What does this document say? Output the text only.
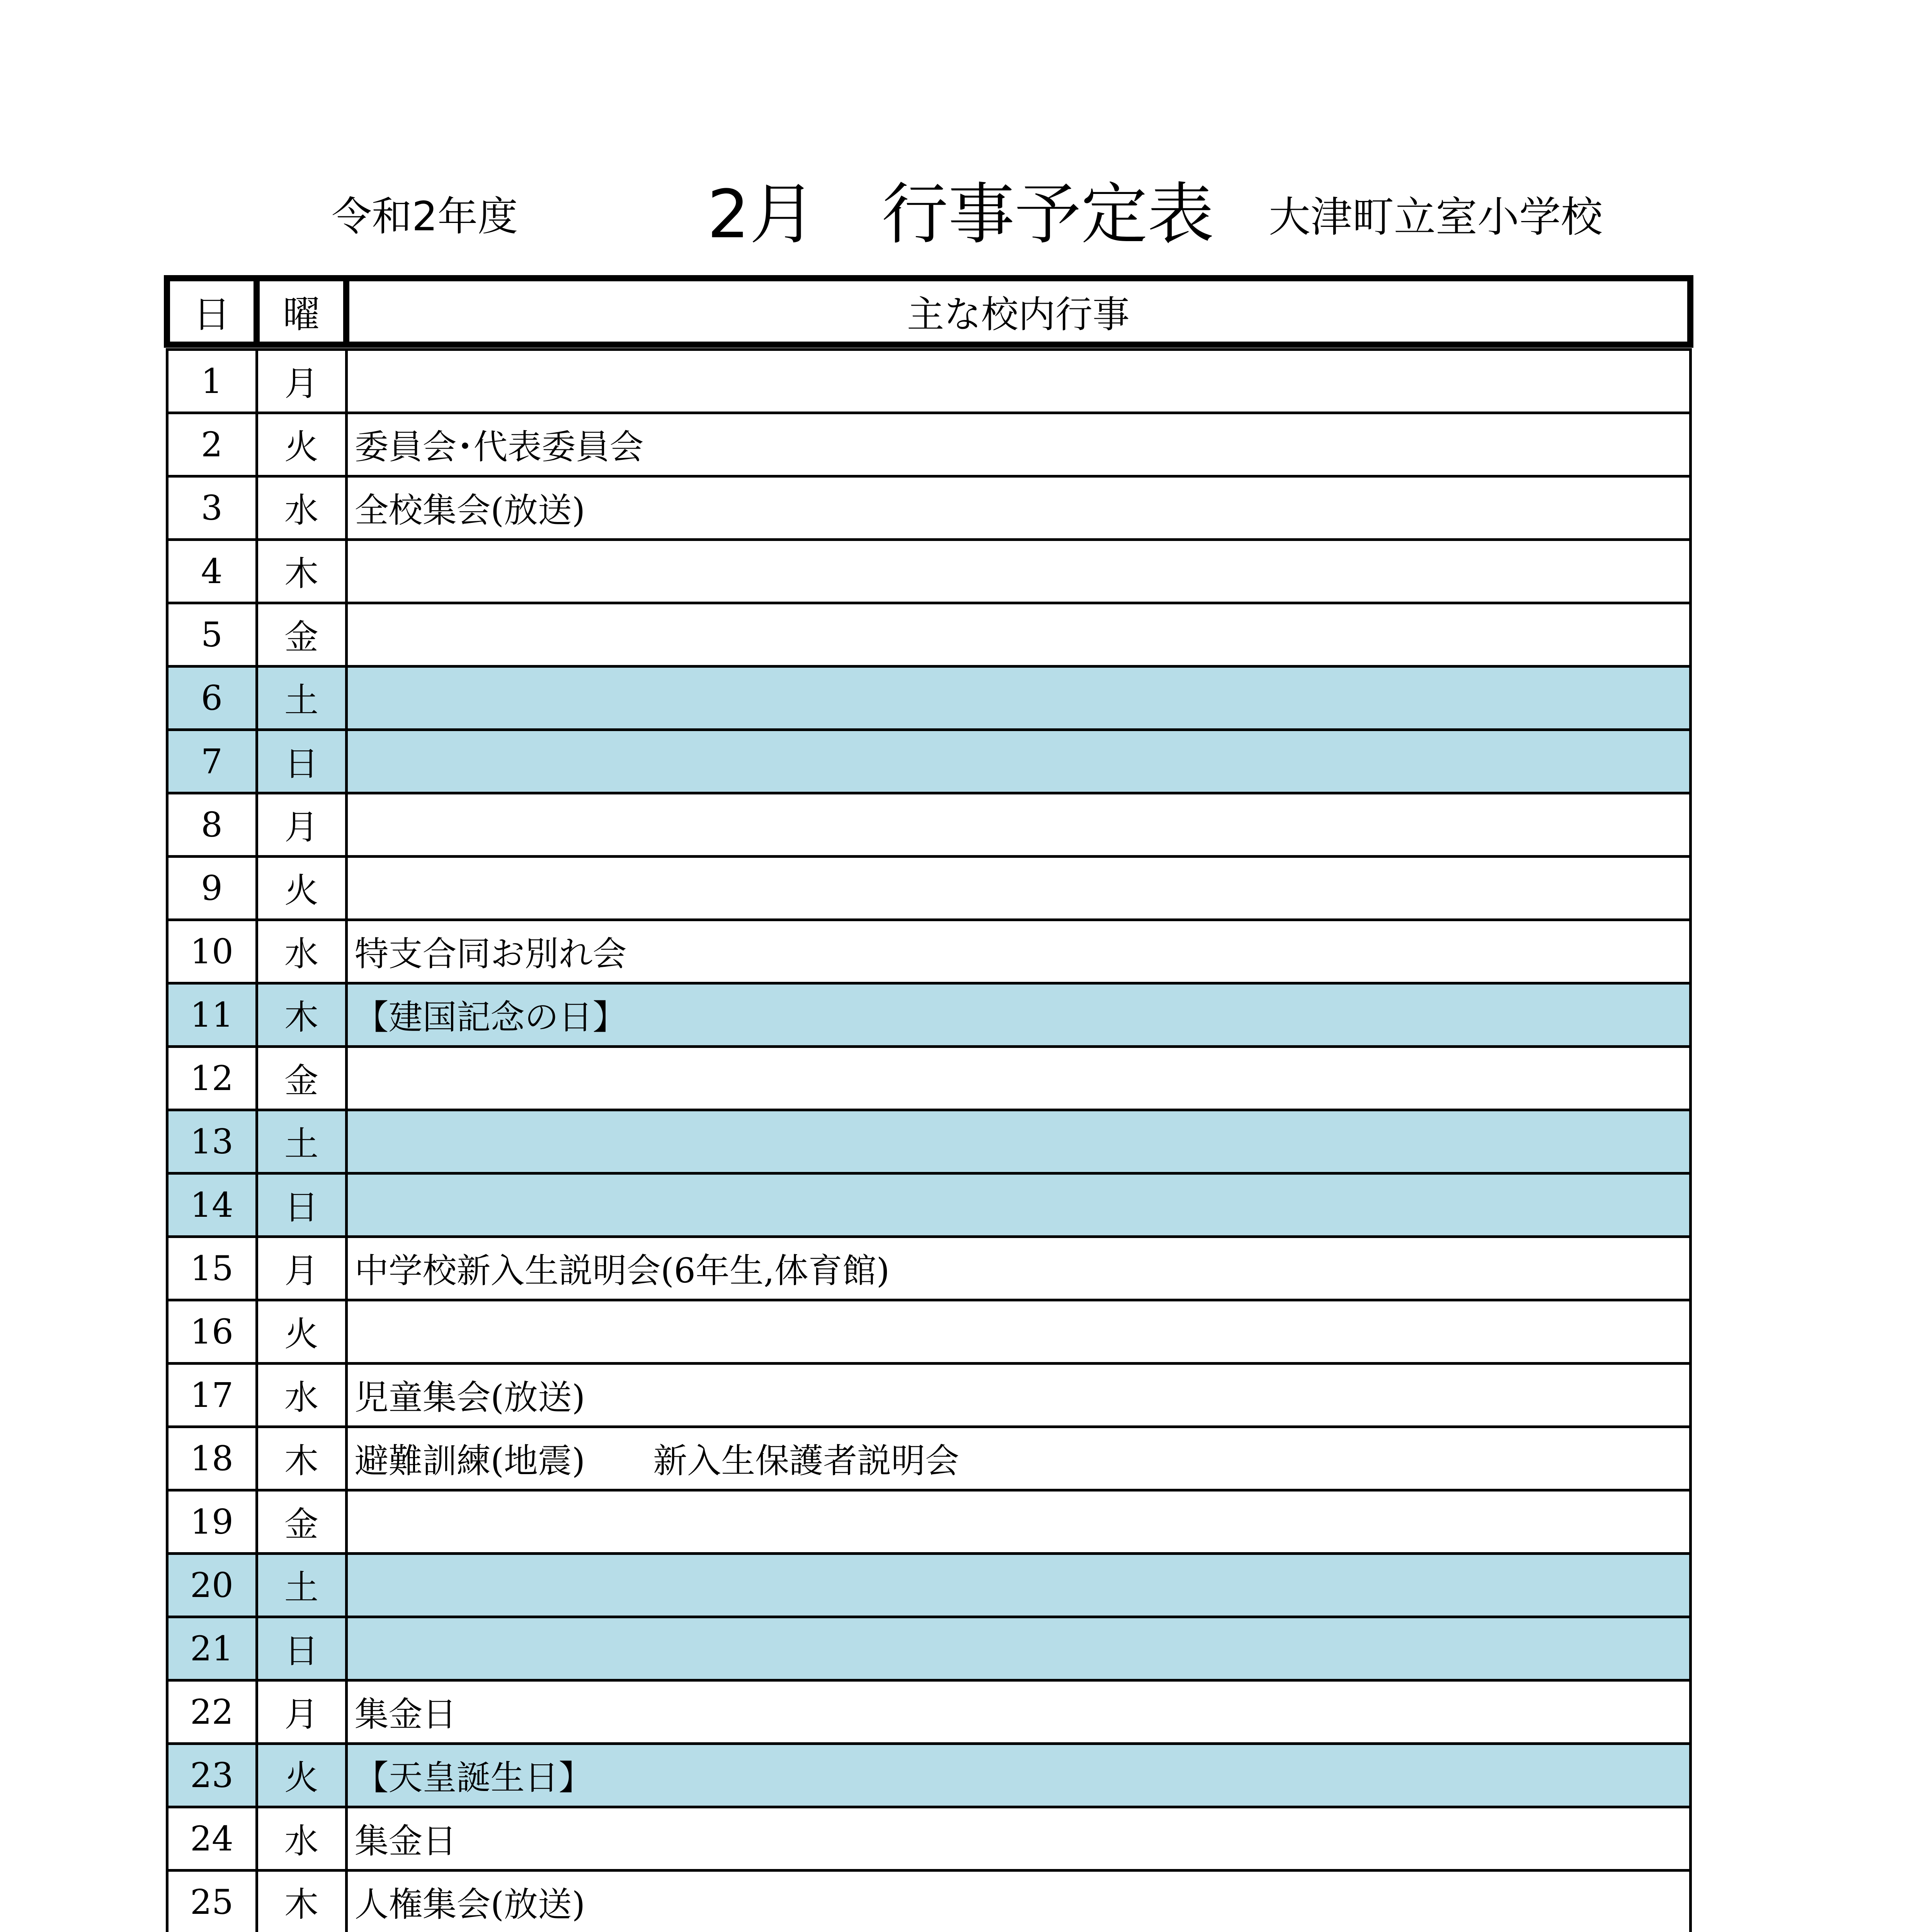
令和2年度	2月 行事予定表 大津町立室小学校
日	曜	主な校内行事

1	月	
2	火	委員会･代表委員会
3	水	全校集会(放送)
4	木	
5	金	
6	土	
7	日	
8	月	
9	火	
10	水	特支合同お別れ会
11	木	【建国記念の日】
12	金	
13	土	
14	日	
15	月	中学校新入生説明会(6年生,体育館)
16	火	
17	水	児童集会(放送)
18	木	避難訓練(地震)　　新入生保護者説明会
19	金	
20	土	
21	日	
22	月	集金日
23	火	【天皇誕生日】
24	水	集金日
25	木	人権集会(放送)
